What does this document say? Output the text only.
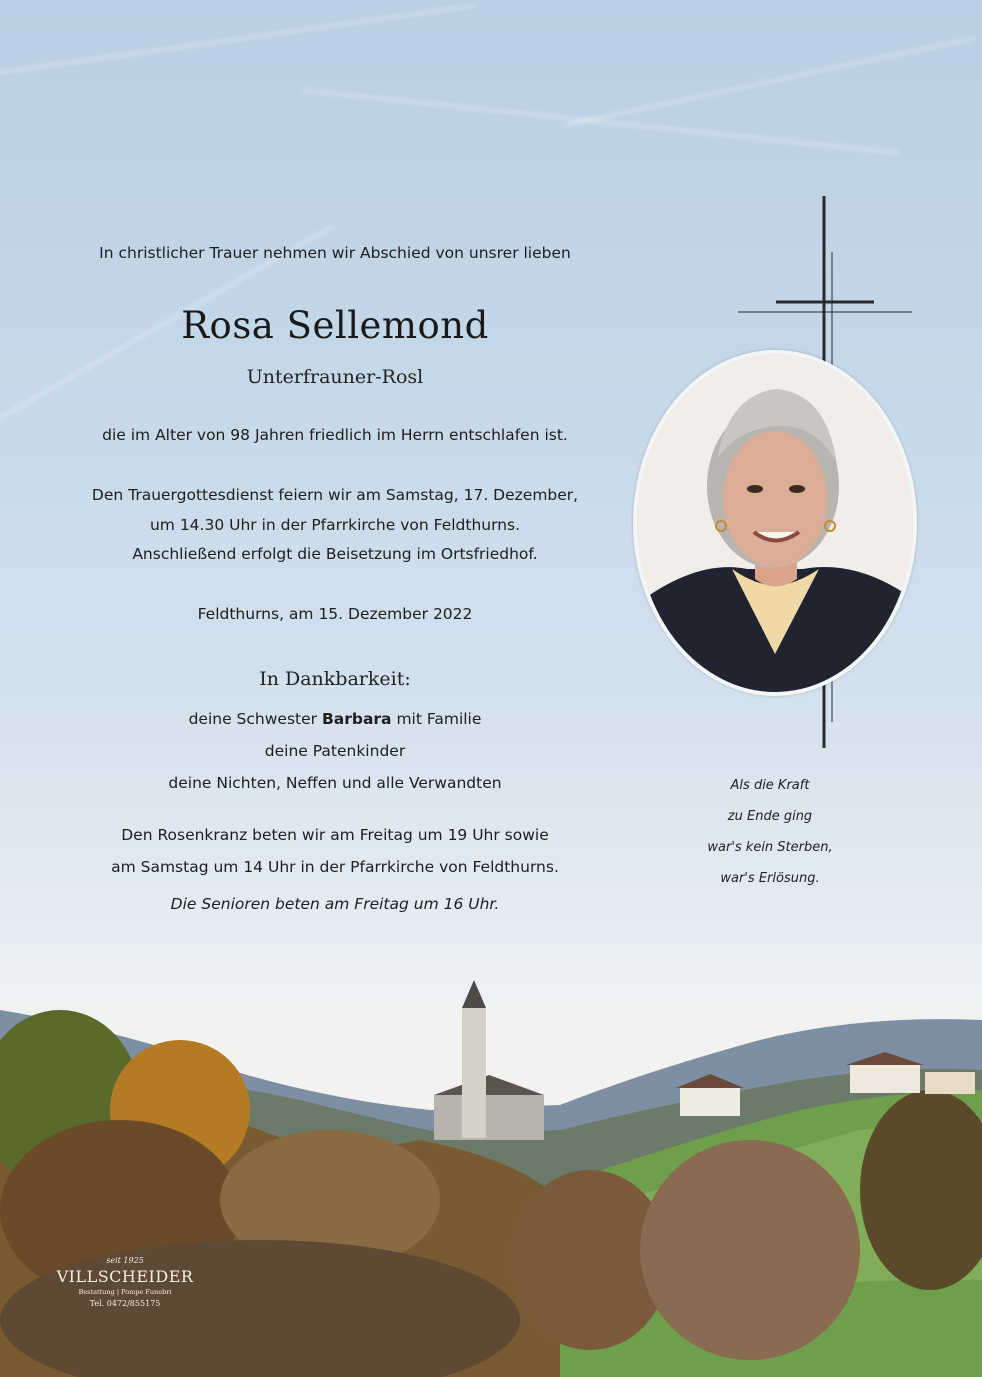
In christlicher Trauer nehmen wir Abschied von unsrer lieben
Rosa Sellemond
Unterfrauner-Rosl
die im Alter von 98 Jahren friedlich im Herrn entschlafen ist.
Den Trauergottesdienst feiern wir am Samstag, 17. Dezember,
um 14.30 Uhr in der Pfarrkirche von Feldthurns.
Anschließend erfolgt die Beisetzung im Ortsfriedhof.
Feldthurns, am 15. Dezember 2022
In Dankbarkeit:
deine Schwester Barbara mit Familie
deine Patenkinder
deine Nichten, Neffen und alle Verwandten
Den Rosenkranz beten wir am Freitag um 19 Uhr sowie
am Samstag um 14 Uhr in der Pfarrkirche von Feldthurns.
Die Senioren beten am Freitag um 16 Uhr.
Als die Kraft
zu Ende ging
war's kein Sterben,
war's Erlösung.
seit 1925
VILLSCHEIDER
Bestattung | Pompe Funebri
Tel. 0472/855175
